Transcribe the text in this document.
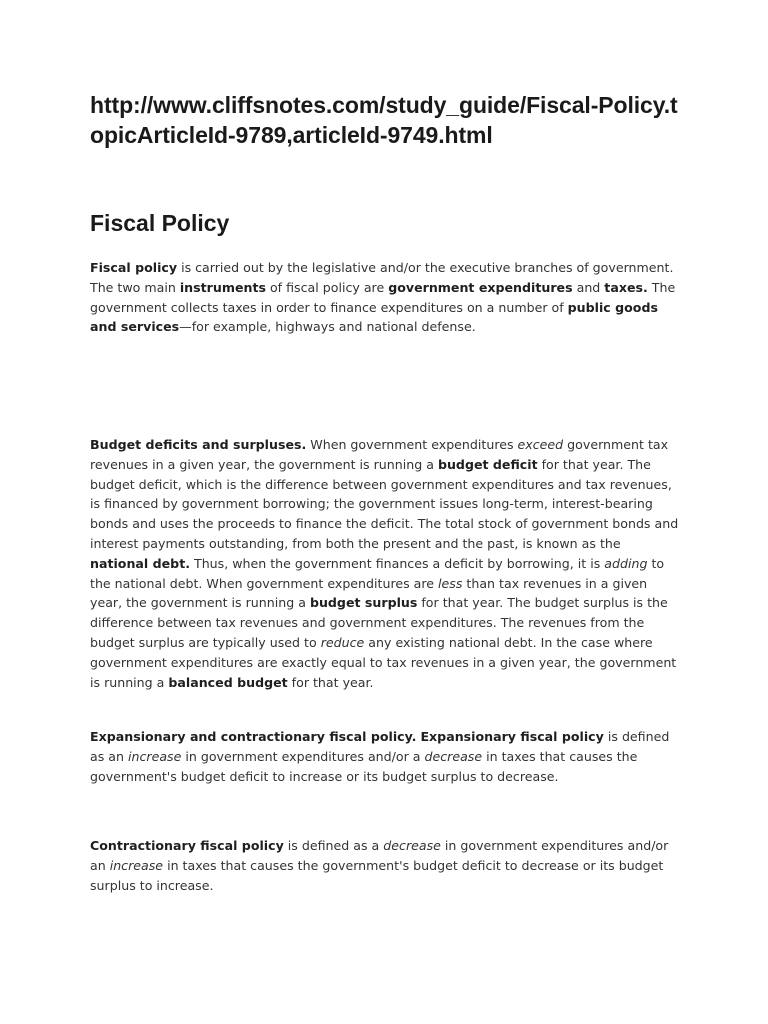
http://www.cliffsnotes.com/study_guide/Fiscal-Policy.topicArticleId-9789,articleId-9749.html
Fiscal Policy

Fiscal policy is carried out by the legislative and/or the executive branches of government. The two main instruments of fiscal policy are government expenditures and taxes. The government collects taxes in order to finance expenditures on a number of public goods and services—for example, highways and national defense.

Budget deficits and surpluses. When government expenditures exceed government tax revenues in a given year, the government is running a budget deficit for that year. The budget deficit, which is the difference between government expenditures and tax revenues, is financed by government borrowing; the government issues long-term, interest-bearing bonds and uses the proceeds to finance the deficit. The total stock of government bonds and interest payments outstanding, from both the present and the past, is known as the national debt. Thus, when the government finances a deficit by borrowing, it is adding to the national debt. When government expenditures are less than tax revenues in a given year, the government is running a budget surplus for that year. The budget surplus is the difference between tax revenues and government expenditures. The revenues from the budget surplus are typically used to reduce any existing national debt. In the case where government expenditures are exactly equal to tax revenues in a given year, the government is running a balanced budget for that year.

Expansionary and contractionary fiscal policy. Expansionary fiscal policy is defined as an increase in government expenditures and/or a decrease in taxes that causes the government's budget deficit to increase or its budget surplus to decrease.

Contractionary fiscal policy is defined as a decrease in government expenditures and/or an increase in taxes that causes the government's budget deficit to decrease or its budget surplus to increase.
